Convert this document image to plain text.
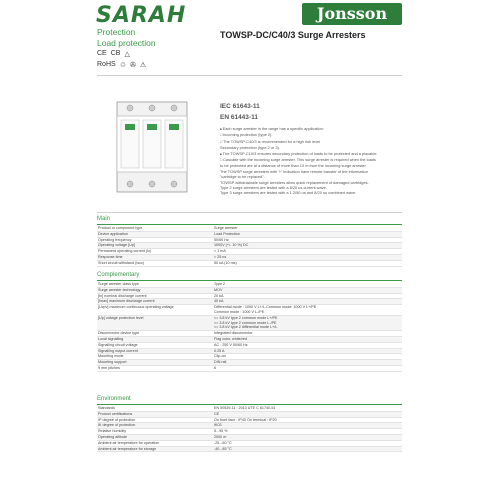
SARAH	Jonsson
Protection
Load protection
TOWSP-DC/C40/3 Surge Arresters
CE CB △
RoHS ♲ ✇ ⚠
IEC 61643-11
EN 61443-11

■ Each surge arrester in the range has a specific application:

□ Incoming protection (type 2).

□ The TOWSP-C40/3 is recommended for a high risk level

Secondary protection (type 2 or 3).

■ The TOWSP-C10/3 ensures secondary protection of loads to be protected and a placable

□ Cascade with the incoming surge arrester. This surge arrester is required when the loads

to be protected are at a distance of more than 10 m from the incoming surge arrester.

The TOWSP surge arresters with "r" indication have remote transfer of the information

"cartridge to be replaced".

TOWSP withdrawable surge arresters allow quick replacement of damaged cartridges.

Type 2 surge arresters are tested with a 8/20 us current wave.

Type 3 surge arresters are tested with a 1.2/50 us and 8/20 us combined wave.

Main
Product or component type	Surge arrester
Device application	Load Protection
Operating frequency	50/60 Hz
Operating voltage [Up]	1000V (+/- 10 %) DC
Permanent operating current (Ic)	< 1 mA
Response time	< 25 ns
Short circuit withstand (Iscc)	50 kA (10 ms)
Complementary
Surge arrester class type	Type 2
Surge arrester technology	MOV
[In] nominal discharge current	20 kA
[Imax] maximum discharge current	40 kA
[Ucpv] maximum continuous operating voltage	Differential mode : 1000 V L+/L-Common mode: 1000 V L+/PE
Common mode : 1000 V L-/PE
[Up] voltage protection level	<= 3.8 kV type 2 common mode L+/PE
<= 3.8 kV type 2 common mode L-/PE
<= 3.8 kV type 2 differential mode L+/L
Disconnector device type	Integrated disconnector
Local signalling	Flag color, white/red
Signalling circuit voltage	AC : 250 V 50/60 Hz
Signalling output current	0.25 A
Mounting mode	Clip-on
Mounting support	DIN rail
9 mm pitches	6
Environment
Standards	EN 50539-11 : 2013 UTE C 61740-51
Product certifications	CE
IP degree of protection	On front face : IP40 On terminal : IP20
IK degree of protection	IK03
Relative humidity	5...95 %
Operating altitude	2000 m
Ambient air temperature for operation	-25...60 °C
Ambient air temperature for storage	-40...85 °C
